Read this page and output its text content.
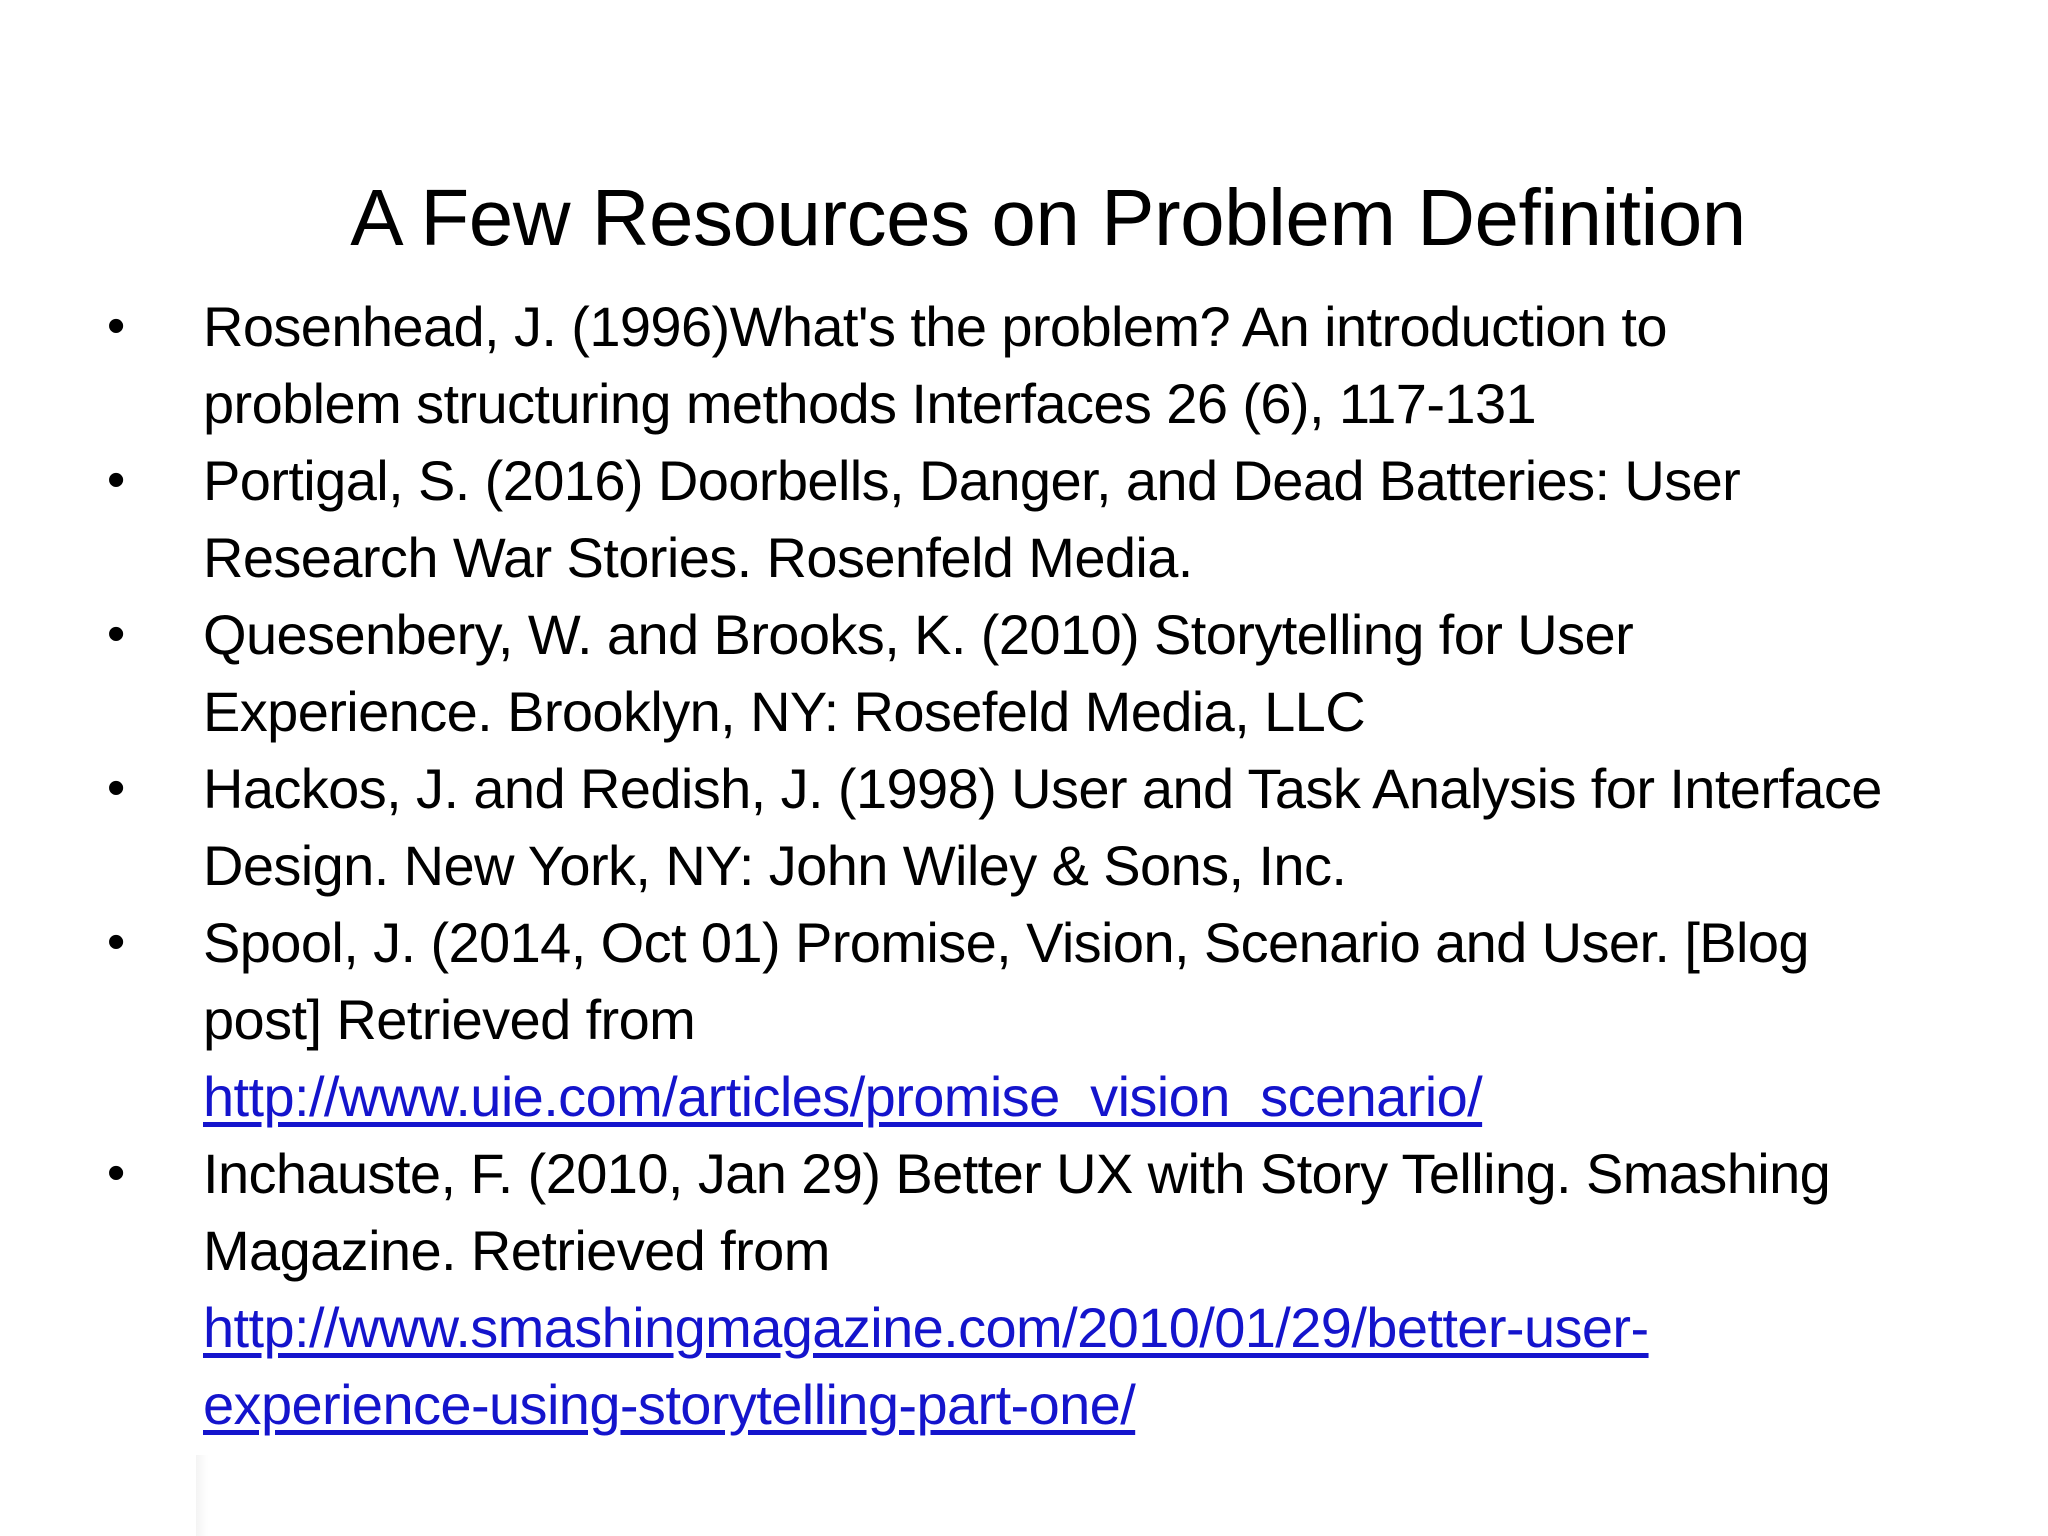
A Few Resources on Problem Definition
•	Rosenhead, J. (1996)What's the problem? An introduction to
problem structuring methods Interfaces 26 (6), 117-131
•	Portigal, S. (2016) Doorbells, Danger, and Dead Batteries: User
Research War Stories. Rosenfeld Media.
•	Quesenbery, W. and Brooks, K. (2010) Storytelling for User
Experience. Brooklyn, NY: Rosefeld Media, LLC
•	Hackos, J. and Redish, J. (1998) User and Task Analysis for Interface
Design. New York, NY: John Wiley & Sons, Inc.
•	Spool, J. (2014, Oct 01) Promise, Vision, Scenario and User. [Blog
post] Retrieved from
http://www.uie.com/articles/promise_vision_scenario/
•	Inchauste, F. (2010, Jan 29) Better UX with Story Telling. Smashing
Magazine. Retrieved from
http://www.smashingmagazine.com/2010/01/29/better-user-
experience-using-storytelling-part-one/
